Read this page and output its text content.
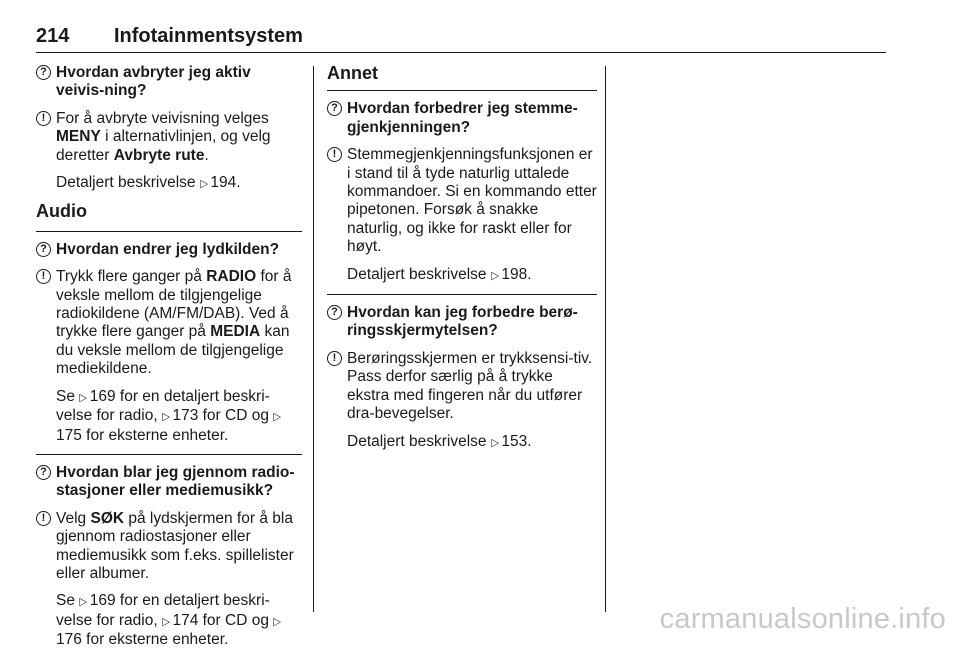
214 Infotainmentsystem
? Hvordan avbryter jeg aktiv veivis-ning?
! For å avbryte veivisning velges
MENY i alternativlinjen, og velg deretter Avbryte rute.
Detaljert beskrivelse ▷ 194.
Audio
? Hvordan endrer jeg lydkilden?
! Trykk flere ganger på RADIO for å veksle mellom de tilgjengelige radiokildene (AM/FM/DAB). Ved å trykke flere ganger på MEDIA kan du veksle mellom de tilgjengelige mediekildene.
Se ▷ 169 for en detaljert beskri-velse for radio, ▷ 173 for CD og ▷175 for eksterne enheter.
? Hvordan blar jeg gjennom radio-stasjoner eller mediemusikk?
! Velg SØK på lydskjermen for å bla gjennom radiostasjoner eller mediemusikk som f.eks. spillelister eller albumer.
Se ▷ 169 for en detaljert beskri-velse for radio, ▷ 174 for CD og ▷176 for eksterne enheter.
Annet
? Hvordan forbedrer jeg stemme-gjenkjenningen?
! Stemmegjenkjenningsfunksjonen er i stand til å tyde naturlig uttalede kommandoer. Si en kommando etter pipetonen. Forsøk å snakke naturlig, og ikke for raskt eller for høyt.
Detaljert beskrivelse ▷ 198.
? Hvordan kan jeg forbedre berø-ringsskjermytelsen?
! Berøringsskjermen er trykksensi-tiv. Pass derfor særlig på å trykke ekstra med fingeren når du utfører dra-bevegelser.
Detaljert beskrivelse ▷ 153.
carmanualsonline.info
